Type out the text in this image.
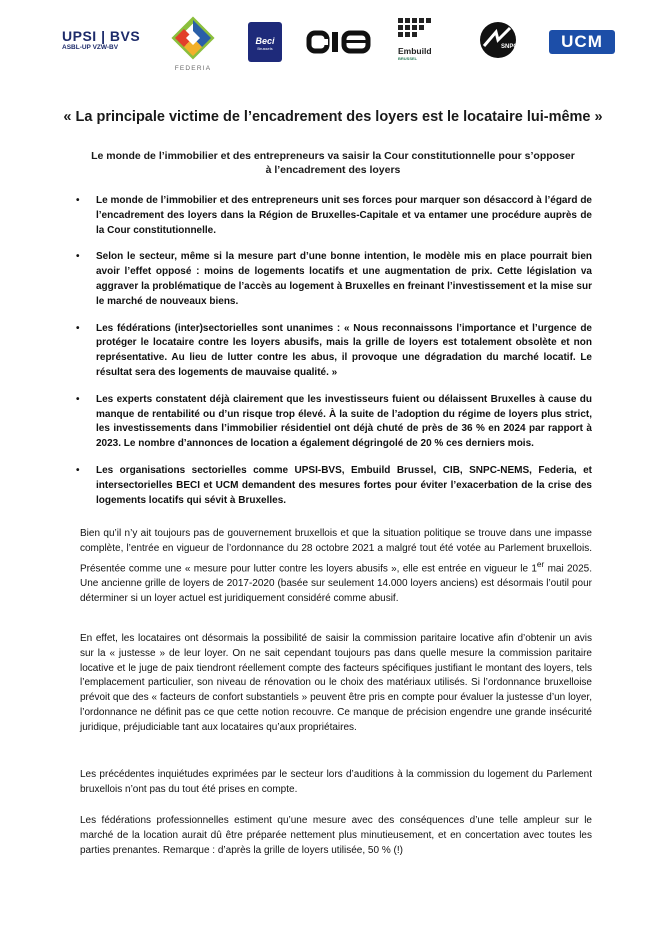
UPSI | BVS
ASBL-UP VZW-BV
FEDERIA
Beci
Brussels	Embuild
BRUSSEL
SNPC NEMS	UCM
« La principale victime de l’encadrement des loyers est le locataire lui-même »
Le monde de l’immobilier et des entrepreneurs va saisir la Cour constitutionnelle pour s’opposer à l’encadrement des loyers
• Le monde de l’immobilier et des entrepreneurs unit ses forces pour marquer son désaccord à l’égard de l’encadrement des loyers dans la Région de Bruxelles-Capitale et va entamer une procédure auprès de la Cour constitutionnelle.
• Selon le secteur, même si la mesure part d’une bonne intention, le modèle mis en place pourrait bien avoir l’effet opposé : moins de logements locatifs et une augmentation de prix. Cette législation va aggraver la problématique de l’accès au logement à Bruxelles en freinant l’investissement et la mise sur le marché de nouveaux biens.
• Les fédérations (inter)sectorielles sont unanimes : « Nous reconnaissons l’importance et l’urgence de protéger le locataire contre les loyers abusifs, mais la grille de loyers est totalement obsolète et non représentative. Au lieu de lutter contre les abus, il provoque une dégradation du marché locatif. Le résultat sera des logements de mauvaise qualité. »
• Les experts constatent déjà clairement que les investisseurs fuient ou délaissent Bruxelles à cause du manque de rentabilité ou d’un risque trop élevé. À la suite de l’adoption du régime de loyers plus strict, les investissements dans l’immobilier résidentiel ont déjà chuté de près de 36 % en 2024 par rapport à 2023. Le nombre d’annonces de location a également dégringolé de 20 % ces derniers mois.
• Les organisations sectorielles comme UPSI-BVS, Embuild Brussel, CIB, SNPC-NEMS, Federia, et intersectorielles BECI et UCM demandent des mesures fortes pour éviter l’exacerbation de la crise des logements locatifs qui sévit à Bruxelles.
Bien qu’il n’y ait toujours pas de gouvernement bruxellois et que la situation politique se trouve dans une impasse complète, l’entrée en vigueur de l’ordonnance du 28 octobre 2021 a malgré tout été votée au Parlement bruxellois. Présentée comme une « mesure pour lutter contre les loyers abusifs », elle est entrée en vigueur le 1er mai 2025. Une ancienne grille de loyers de 2017-2020 (basée sur seulement 14.000 loyers anciens) est désormais l’outil pour déterminer si un loyer actuel est juridiquement considéré comme abusif.
En effet, les locataires ont désormais la possibilité de saisir la commission paritaire locative afin d’obtenir un avis sur la « justesse » de leur loyer. On ne sait cependant toujours pas dans quelle mesure la commission paritaire locative et le juge de paix tiendront réellement compte des facteurs spécifiques justifiant le montant des loyers, tels l’emplacement particulier, son niveau de rénovation ou le choix des matériaux utilisés. Si l’ordonnance bruxelloise prévoit que des « facteurs de confort substantiels » peuvent être pris en compte pour évaluer la justesse d’un loyer, l’ordonnance ne définit pas ce que cette notion recouvre. Ce manque de précision engendre une grande insécurité juridique, préjudiciable tant aux locataires qu’aux propriétaires.
Les précédentes inquiétudes exprimées par le secteur lors d’auditions à la commission du logement du Parlement bruxellois n’ont pas du tout été prises en compte.
Les fédérations professionnelles estiment qu’une mesure avec des conséquences d’une telle ampleur sur le marché de la location aurait dû être préparée nettement plus minutieusement, et en concertation avec toutes les parties prenantes. Remarque : d’après la grille de loyers utilisée, 50 % (!)
